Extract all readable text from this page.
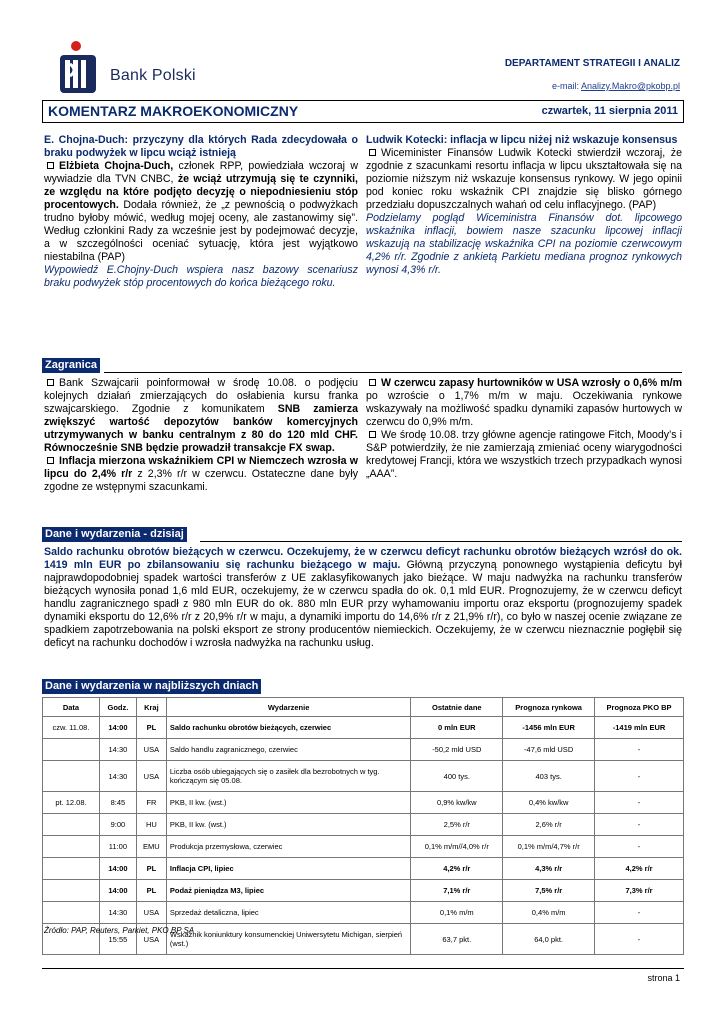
Bank Polski
DEPARTAMENT STRATEGII I ANALIZ
e-mail: Analizy.Makro@pkobp.pl
KOMENTARZ MAKROEKONOMICZNY	czwartek, 11 sierpnia 2011

E. Chojna-Duch: przyczyny dla których Rada zdecydowała o braku podwyżek w lipcu wciąż istnieją

Elżbieta Chojna-Duch, członek RPP, powiedziała wczoraj w wywiadzie dla TVN CNBC, że wciąż utrzymują się te czynniki, ze względu na które podjęto decyzję o niepodniesieniu stóp procentowych. Dodała również, że „z pewnością o podwyżkach trudno byłoby mówić, według mojej oceny, ale zastanowimy się”. Według członkini Rady za wcześnie jest by podejmować decyzje, a w szczególności oceniać sytuację, która jest wyjątkowo niestabilna (PAP)

Wypowiedź E.Chojny-Duch wspiera nasz bazowy scenariusz braku podwyżek stóp procentowych do końca bieżącego roku.

Ludwik Kotecki: inflacja w lipcu niżej niż wskazuje konsensus

Wiceminister Finansów Ludwik Kotecki stwierdził wczoraj, że zgodnie z szacunkami resortu inflacja w lipcu ukształtowała się na poziomie niższym niż wskazuje konsensus rynkowy. W jego opinii pod koniec roku wskaźnik CPI znajdzie się blisko górnego przedziału dopuszczalnych wahań od celu inflacyjnego. (PAP)

Podzielamy pogląd Wiceministra Finansów dot. lipcowego wskaźnika inflacji, bowiem nasze szacunku lipcowej inflacji wskazują na stabilizację wskaźnika CPI na poziomie czerwcowym 4,2% r/r. Zgodnie z ankietą Parkietu mediana prognoz rynkowych wynosi 4,3% r/r.

Zagranica

Bank Szwajcarii poinformował w środę 10.08. o podjęciu kolejnych działań zmierzających do osłabienia kursu franka szwajcarskiego. Zgodnie z komunikatem SNB zamierza zwiększyć wartość depozytów banków komercyjnych utrzymywanych w banku centralnym z 80 do 120 mld CHF. Równocześnie SNB będzie prowadził transakcje FX swap.

Inflacja mierzona wskaźnikiem CPI w Niemczech wzrosła w lipcu do 2,4% r/r z 2,3% r/r w czerwcu. Ostateczne dane były zgodne ze wstępnymi szacunkami.

W czerwcu zapasy hurtowników w USA wzrosły o 0,6% m/m po wzroście o 1,7% m/m w maju. Oczekiwania rynkowe wskazywały na możliwość spadku dynamiki zapasów hurtowych w czerwcu do 0,9% m/m.

We środę 10.08. trzy główne agencje ratingowe Fitch, Moody’s i S&P potwierdziły, że nie zamierzają zmieniać oceny wiarygodności kredytowej Francji, która we wszystkich trzech przypadkach wynosi „AAA”.

Dane i wydarzenia - dzisiaj

Saldo rachunku obrotów bieżących w czerwcu. Oczekujemy, że w czerwcu deficyt rachunku obrotów bieżących wzrósł do ok. 1419 mln EUR po zbilansowaniu się rachunku bieżącego w maju. Główną przyczyną ponownego wystąpienia deficytu był najprawdopodobniej spadek wartości transferów z UE zaklasyfikowanych jako bieżące. W maju nadwyżka na rachunku transferów bieżących wynosiła ponad 1,6 mld EUR, oczekujemy, że w czerwcu spadła do ok. 0,1 mld EUR. Prognozujemy, że w czerwcu deficyt handlu zagranicznego spadł z 980 mln EUR do ok. 880 mln EUR przy wyhamowaniu importu oraz eksportu (prognozujemy spadek dynamiki eksportu do 12,6% r/r z 20,9% r/r w maju, a dynamiki importu do 14,6% r/r z 21,9% r/r), co było w naszej ocenie związane ze spadkiem zapotrzebowania na polski eksport ze strony producentów niemieckich. Oczekujemy, że w czerwcu nieznacznie pogłębił się deficyt na rachunku dochodów i wzrosła nadwyżka na rachunku usług.

Dane i wydarzenia w najbliższych dniach
Data	Godz.	Kraj	Wydarzenie	Ostatnie dane	Prognoza rynkowa	Prognoza PKO BP
czw. 11.08.	14:00	PL	Saldo rachunku obrotów bieżących, czerwiec	0 mln EUR	-1456 mln EUR	-1419 mln EUR
	14:30	USA	Saldo handlu zagranicznego, czerwiec	-50,2 mld USD	-47,6 mld USD	-
	14:30	USA	Liczba osób ubiegających się o zasiłek dla bezrobotnych w tyg. kończącym się 05.08.	400 tys.	403 tys.	-
pt. 12.08.	8:45	FR	PKB, II kw. (wst.)	0,9% kw/kw	0,4% kw/kw	-
	9:00	HU	PKB, II kw. (wst.)	2,5% r/r	2,6% r/r	-
	11:00	EMU	Produkcja przemysłowa, czerwiec	0,1% m/m//4,0% r/r	0,1% m/m/4,7% r/r	-
	14:00	PL	Inflacja CPI, lipiec	4,2% r/r	4,3% r/r	4,2% r/r
	14:00	PL	Podaż pieniądza M3, lipiec	7,1% r/r	7,5% r/r	7,3% r/r
	14:30	USA	Sprzedaż detaliczna, lipiec	0,1% m/m	0,4% m/m	-
	15:55	USA	Wskaźnik koniunktury konsumenckiej Uniwersytetu Michigan, sierpień (wst.)	63,7 pkt.	64,0 pkt.	-
Źródło: PAP, Reuters, Parkiet, PKO BP SA
strona 1
